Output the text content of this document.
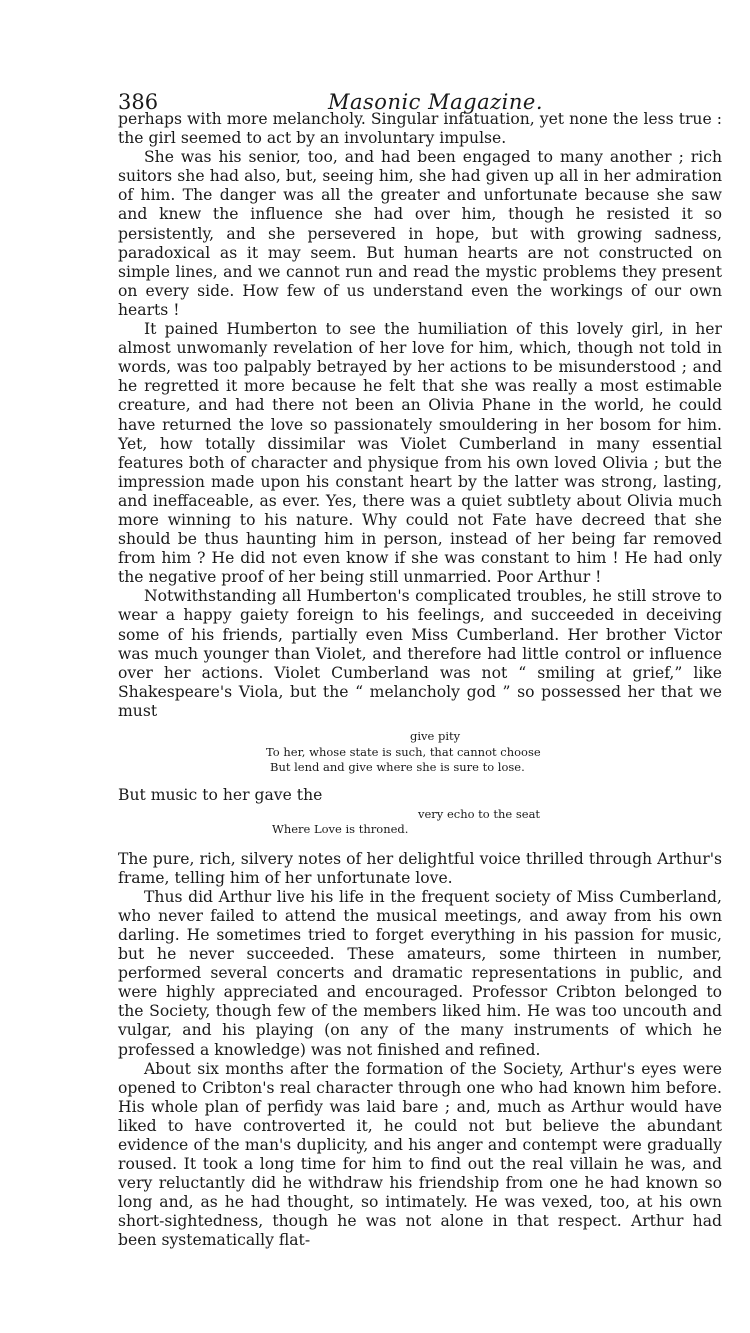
386	Masonic Magazine.

perhaps with more melancholy. Singular infatuation, yet none the less true : the girl seemed to act by an involuntary impulse.

She was his senior, too, and had been engaged to many another ; rich suitors she had also, but, seeing him, she had given up all in her admiration of him. The danger was all the greater and unfortunate because she saw and knew the influence she had over him, though he resisted it so persistently, and she persevered in hope, but with growing sadness, paradoxical as it may seem. But human hearts are not constructed on simple lines, and we cannot run and read the mystic problems they present on every side. How few of us understand even the workings of our own hearts !

It pained Humberton to see the humiliation of this lovely girl, in her almost unwomanly revelation of her love for him, which, though not told in words, was too palpably betrayed by her actions to be misunderstood ; and he regretted it more because he felt that she was really a most estimable creature, and had there not been an Olivia Phane in the world, he could have returned the love so passionately smouldering in her bosom for him. Yet, how totally dissimilar was Violet Cumberland in many essential features both of character and physique from his own loved Olivia ; but the impression made upon his constant heart by the latter was strong, lasting, and ineffaceable, as ever. Yes, there was a quiet subtlety about Olivia much more winning to his nature. Why could not Fate have decreed that she should be thus haunting him in person, instead of her being far removed from him ? He did not even know if she was constant to him ! He had only the negative proof of her being still unmarried. Poor Arthur !

Notwithstanding all Humberton's complicated troubles, he still strove to wear a happy gaiety foreign to his feelings, and succeeded in deceiving some of his friends, partially even Miss Cumberland. Her brother Victor was much younger than Violet, and therefore had little control or influence over her actions. Violet Cumberland was not “ smiling at grief,” like Shakespeare's Viola, but the “ melancholy god ” so possessed her that we must

give pity
To her, whose state is such, that cannot choose
But lend and give where she is sure to lose.

But music to her gave the

very echo to the seat
Where Love is throned.

The pure, rich, silvery notes of her delightful voice thrilled through Arthur's frame, telling him of her unfortunate love.

Thus did Arthur live his life in the frequent society of Miss Cumberland, who never failed to attend the musical meetings, and away from his own darling. He sometimes tried to forget everything in his passion for music, but he never succeeded. These amateurs, some thirteen in number, performed several concerts and dramatic representations in public, and were highly appreciated and encouraged. Professor Cribton belonged to the Society, though few of the members liked him. He was too uncouth and vulgar, and his playing (on any of the many instruments of which he professed a knowledge) was not finished and refined.

About six months after the formation of the Society, Arthur's eyes were opened to Cribton's real character through one who had known him before. His whole plan of perfidy was laid bare ; and, much as Arthur would have liked to have controverted it, he could not but believe the abundant evidence of the man's duplicity, and his anger and contempt were gradually roused. It took a long time for him to find out the real villain he was, and very reluctantly did he withdraw his friendship from one he had known so long and, as he had thought, so intimately. He was vexed, too, at his own short-sightedness, though he was not alone in that respect. Arthur had been systematically flat-
